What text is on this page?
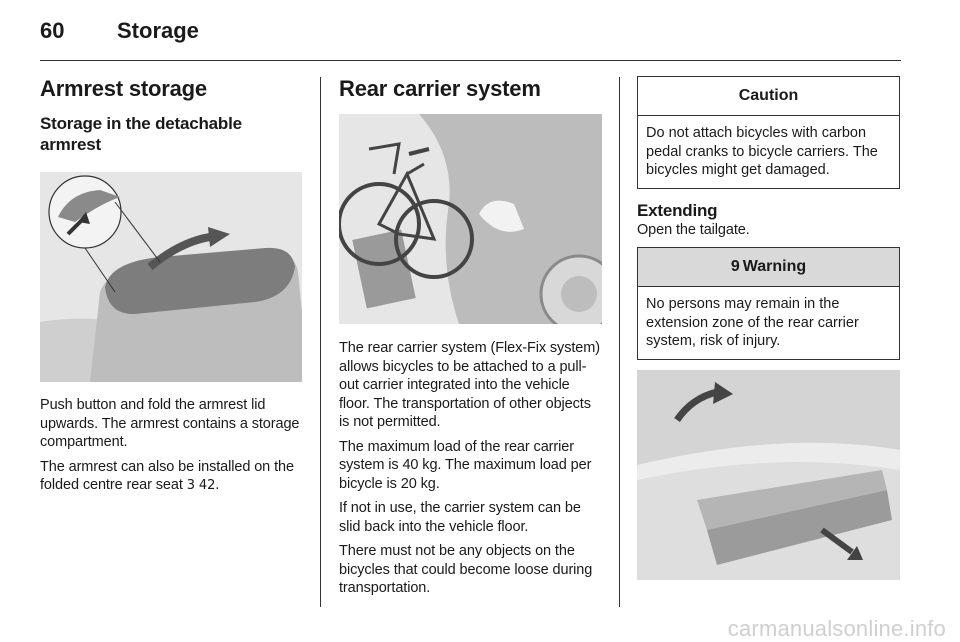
60 Storage
Armrest storage
Storage in the detachable armrest

Push button and fold the armrest lid upwards. The armrest contains a storage compartment.

The armrest can also be installed on the folded centre rear seat 3 42.

Rear carrier system

The rear carrier system (Flex-Fix system) allows bicycles to be attached to a pull-out carrier integrated into the vehicle floor. The transportation of other objects is not permitted.

The maximum load of the rear carrier system is 40 kg. The maximum load per bicycle is 20 kg.

If not in use, the carrier system can be slid back into the vehicle floor.

There must not be any objects on the bicycles that could become loose during transportation.

Caution
Do not attach bicycles with carbon pedal cranks to bicycle carriers. The bicycles might get damaged.
Extending

Open the tailgate.

9 Warning
No persons may remain in the extension zone of the rear carrier system, risk of injury.
carmanualsonline.info
